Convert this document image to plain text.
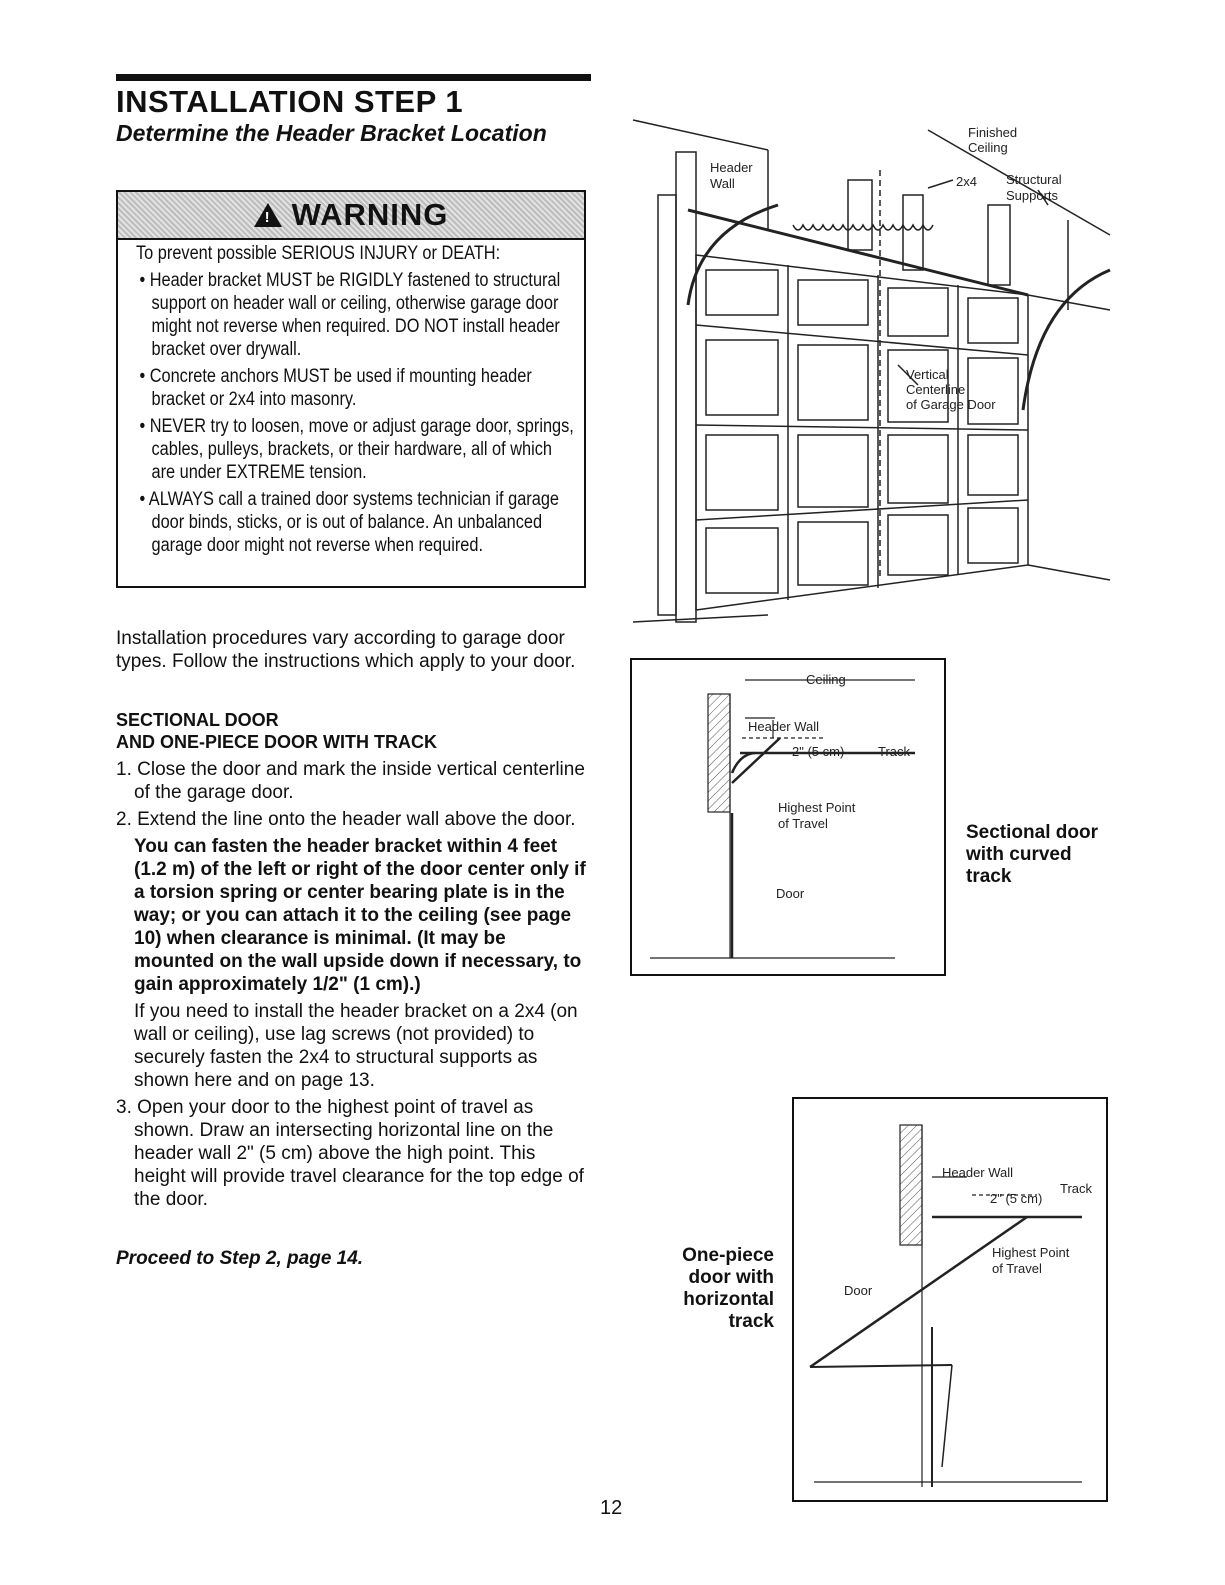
INSTALLATION STEP 1
Determine the Header Bracket Location
! WARNING
To prevent possible SERIOUS INJURY or DEATH:
• Header bracket MUST be RIGIDLY fastened to structural support on header wall or ceiling, otherwise garage door might not reverse when required. DO NOT install header bracket over drywall.
• Concrete anchors MUST be used if mounting header bracket or 2x4 into masonry.
• NEVER try to loosen, move or adjust garage door, springs, cables, pulleys, brackets, or their hardware, all of which are under EXTREME tension.
• ALWAYS call a trained door systems technician if garage door binds, sticks, or is out of balance. An unbalanced garage door might not reverse when required.
Installation procedures vary according to garage door types. Follow the instructions which apply to your door.
SECTIONAL DOOR
AND ONE-PIECE DOOR WITH TRACK
1. Close the door and mark the inside vertical centerline of the garage door.
2. Extend the line onto the header wall above the door.
You can fasten the header bracket within 4 feet (1.2 m) of the left or right of the door center only if a torsion spring or center bearing plate is in the way; or you can attach it to the ceiling (see page 10) when clearance is minimal. (It may be mounted on the wall upside down if necessary, to gain approximately 1/2" (1 cm).)
If you need to install the header bracket on a 2x4 (on wall or ceiling), use lag screws (not provided) to securely fasten the 2x4 to structural supports as shown here and on page 13.
3. Open your door to the highest point of travel as shown. Draw an intersecting horizontal line on the header wall 2" (5 cm) above the high point. This height will provide travel clearance for the top edge of the door.
Proceed to Step 2, page 14.
Finished
Ceiling
Header
Wall	2x4 Structural
Supports
Vertical
Centerline
of Garage Door
Ceiling
Header Wall
2" (5 cm)	Track
Highest Point
of Travel
Door
Sectional door
with curved
track
Header Wall
Track
2" (5 cm)
Highest Point
of Travel
Door
One-piece
door with
horizontal
track
12
